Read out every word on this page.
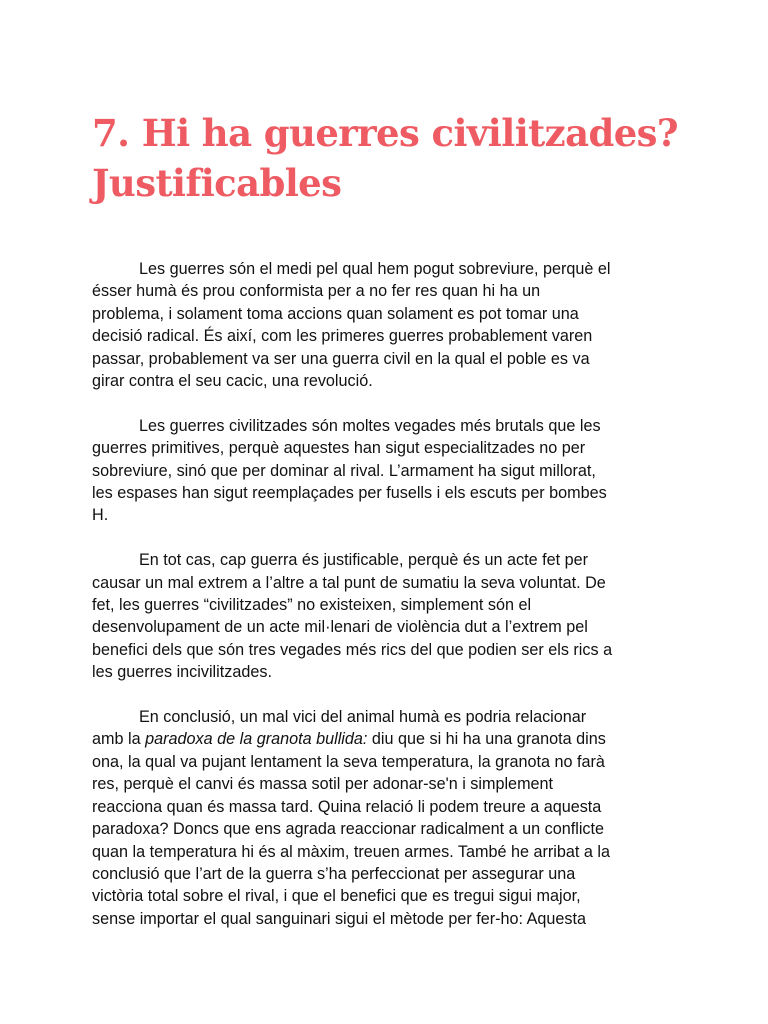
7. Hi ha guerres civilitzades?
Justificables

Les guerres són el medi pel qual hem pogut sobreviure, perquè el
ésser humà és prou conformista per a no fer res quan hi ha un
problema, i solament toma accions quan solament es pot tomar una
decisió radical. És així, com les primeres guerres probablement varen
passar, probablement va ser una guerra civil en la qual el poble es va
girar contra el seu cacic, una revolució.

Les guerres civilitzades són moltes vegades més brutals que les
guerres primitives, perquè aquestes han sigut especialitzades no per
sobreviure, sinó que per dominar al rival. L’armament ha sigut millorat,
les espases han sigut reemplaçades per fusells i els escuts per bombes
H.

En tot cas, cap guerra és justificable, perquè és un acte fet per
causar un mal extrem a l’altre a tal punt de sumatiu la seva voluntat. De
fet, les guerres “civilitzades” no existeixen, simplement són el
desenvolupament de un acte mil·lenari de violència dut a l’extrem pel
benefici dels que són tres vegades més rics del que podien ser els rics a
les guerres incivilitzades.

En conclusió, un mal vici del animal humà es podria relacionar
amb la paradoxa de la granota bullida: diu que si hi ha una granota dins
ona, la qual va pujant lentament la seva temperatura, la granota no farà
res, perquè el canvi és massa sotil per adonar-se'n i simplement
reacciona quan és massa tard. Quina relació li podem treure a aquesta
paradoxa? Doncs que ens agrada reaccionar radicalment a un conflicte
quan la temperatura hi és al màxim, treuen armes. També he arribat a la
conclusió que l’art de la guerra s’ha perfeccionat per assegurar una
victòria total sobre el rival, i que el benefici que es tregui sigui major,
sense importar el qual sanguinari sigui el mètode per fer-ho: Aquesta
